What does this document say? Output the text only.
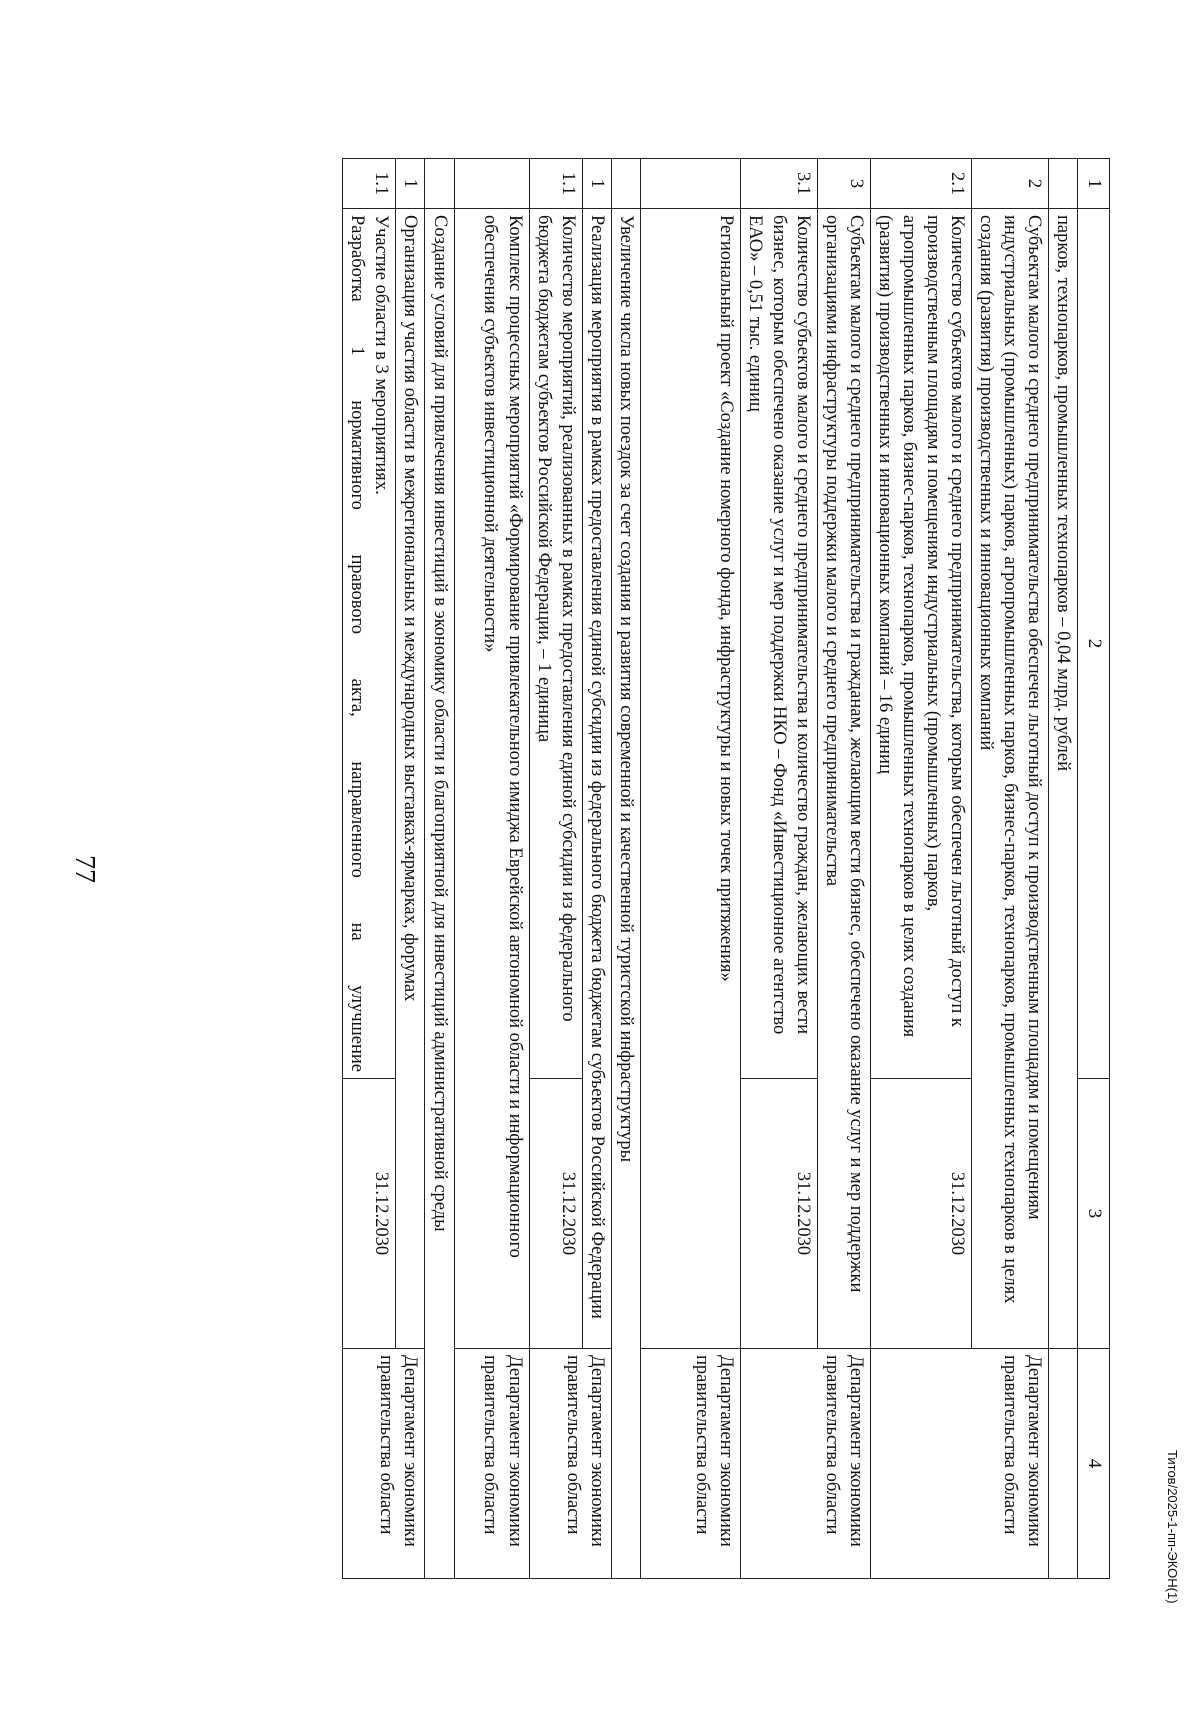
77
1	2	3	4
	парков, технопарков, промышленных технопарков – 0,04 млрд. рублей		
2	Субъектам малого и среднего предпринимательства обеспечен льготный доступ к производственным площадям и помещениям индустриальных (промышленных) парков, агропромышленных парков, бизнес-парков, технопарков, промышленных технопарков в целях создания (развития) производственных и инновационных компаний		Департамент экономики правительства области
2.1	Количество субъектов малого и среднего предпринимательства, которым обеспечен льготный доступ к производственным площадям и помещениям индустриальных (промышленных) парков, агропромышленных парков, бизнес-парков, технопарков, промышленных технопарков в целях создания (развития) производственных и инновационных компаний – 16 единиц	31.12.2030	
3	Субъектам малого и среднего предпринимательства и гражданам, желающим вести бизнес, обеспечено оказание услуг и мер поддержки организациями инфраструктуры поддержки малого и среднего предпринимательства		Департамент экономики правительства области
3.1	Количество субъектов малого и среднего предпринимательства и количество граждан, желающих вести бизнес, которым обеспечено оказание услуг и мер поддержки НКО – Фонд «Инвестиционное агентство ЕАО» – 0,51 тыс. единиц	31.12.2030	
	Региональный проект «Создание номерного фонда, инфраструктуры и новых точек притяжения»		Департамент экономики правительства области
	Увеличение числа новых поездок за счет создания и развития современной и качественной туристской инфраструктуры		
1	Реализация мероприятия в рамках предоставления единой субсидии из федерального бюджета бюджетам субъектов Российской Федерации		Департамент экономики правительства области
1.1	Количество мероприятий, реализованных в рамках предоставления единой субсидии из федерального бюджета бюджетам субъектов Российской Федерации, – 1 единица	31.12.2030	
	Комплекс процессных мероприятий «Формирование привлекательного имиджа Еврейской автономной области и информационного обеспечения субъектов инвестиционной деятельности»		Департамент экономики правительства области
	Создание условий для привлечения инвестиций в экономику области и благоприятной для инвестиций административной среды		
1	Организация участия области в межрегиональных и международных выставках-ярмарках, форумах		Департамент экономики правительства области
1.1	Участие области в 3 мероприятиях.
Разработка 1 нормативного правового акта, направленного на улучшение	31.12.2030	
Титов/2025-1-пп-ЭКОН(1)
